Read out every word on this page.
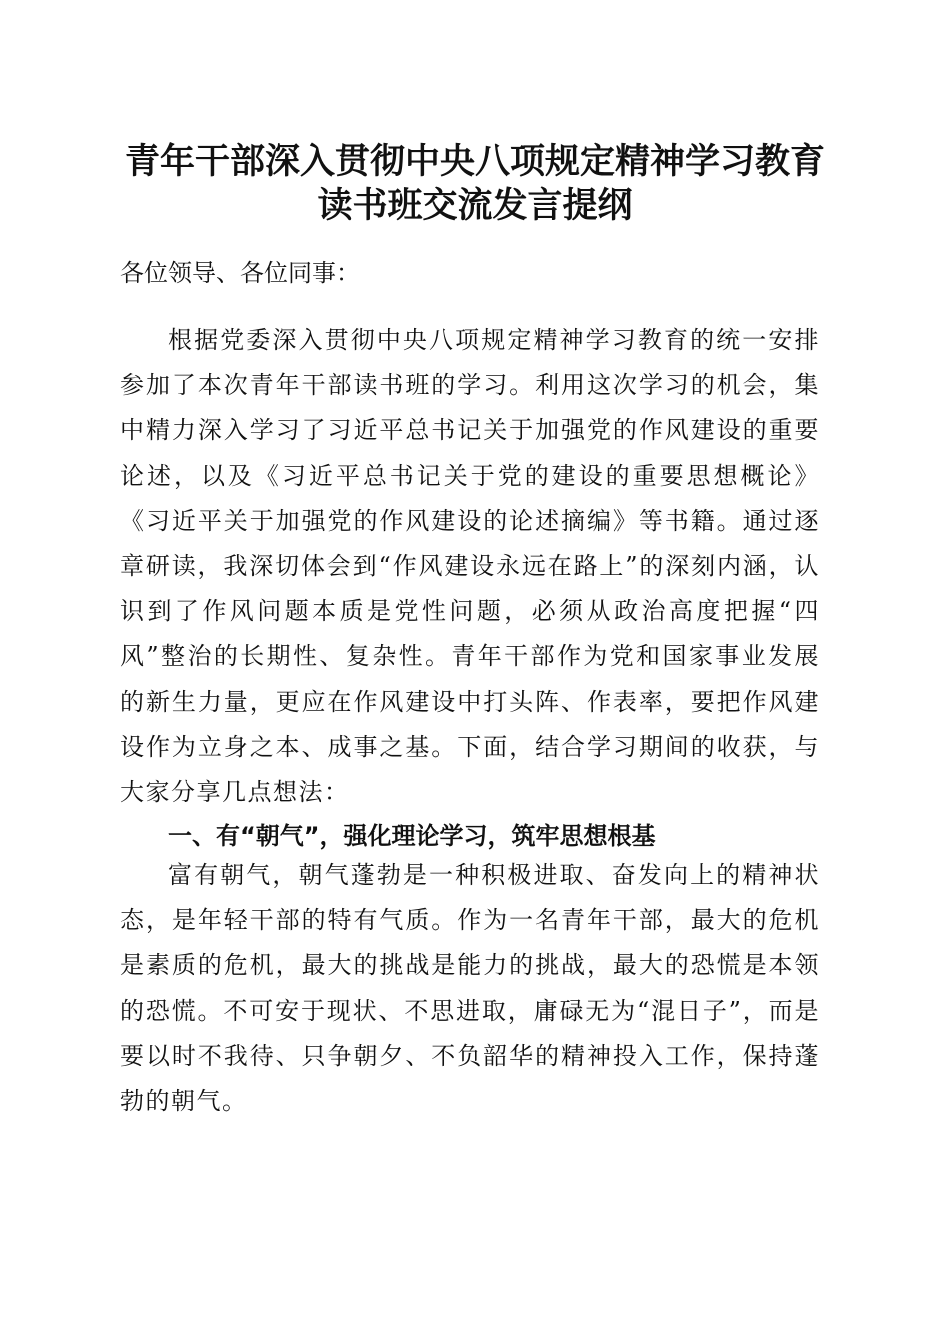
青年干部深入贯彻中央八项规定精神学习教育
读书班交流发言提纲

各位领导、各位同事：

根据党委深入贯彻中央八项规定精神学习教育的统一安排参加了本次青年干部读书班的学习。利用这次学习的机会，集中精力深入学习了习近平总书记关于加强党的作风建设的重要论述，以及《习近平总书记关于党的建设的重要思想概论》《习近平关于加强党的作风建设的论述摘编》等书籍。通过逐章研读，我深切体会到“作风建设永远在路上”的深刻内涵，认识到了作风问题本质是党性问题，必须从政治高度把握“四风”整治的长期性、复杂性。青年干部作为党和国家事业发展的新生力量，更应在作风建设中打头阵、作表率，要把作风建设作为立身之本、成事之基。下面，结合学习期间的收获，与大家分享几点想法：

一、有“朝气”，强化理论学习，筑牢思想根基

富有朝气，朝气蓬勃是一种积极进取、奋发向上的精神状态，是年轻干部的特有气质。作为一名青年干部，最大的危机是素质的危机，最大的挑战是能力的挑战，最大的恐慌是本领的恐慌。不可安于现状、不思进取，庸碌无为“混日子”，而是要以时不我待、只争朝夕、不负韶华的精神投入工作，保持蓬勃的朝气。
